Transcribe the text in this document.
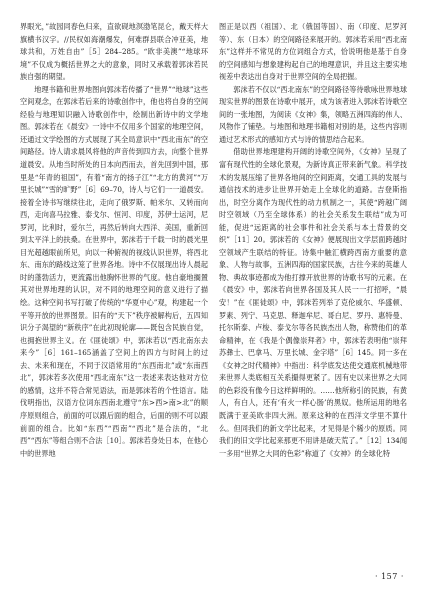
界眼光，”故园同春色归来，直欲砚地溟渤笔昆仑，戴天样大旗横书汉字。//民权如海潮爆发，何难群县联合冲亚美，地球共和，万姓自由”［5］284–285。“欧非美澳”“地球环境”不仅成为概括世界之大的意象，同时又承载着郭沫若民族自强的期望。

地理书籍和世界地图向郭沫若传播了“世界”“地球”这些空间观念，在郭沫若后来的诗歌创作中，他也将自身的空间经验与地理知识融入诗歌创作中，绘制出新诗中的文学地图。郭沫若在《晨安》一诗中不仅用多个国家的地理空间，还通过文学绘图的方式展现了其全局意识中“西北南东”的空间路径。诗人请求晨风将他的声音传到四方去，向整个世界道晨安。从地当时所处的日本向西而去，首先回到中国，那里是“年青的祖国”，有着“南方的扬子江”“北方的黄河”“万里长城”“雪的旷野”［6］69–70，诗人与它们一一道晨安。接着全诗书写继续往北，走向了俄罗斯、帕米尔、又转而向西，走向喜马拉雅、泰戈尔、恒河、印度，苏伊士运河，尼罗河，比利时，爱尔兰，再然后转向大西洋、美国，重新回到太平洋上的扶桑。在世界中，郭沫若于千载一时的晨光里目光超越眼前所见，向以一种俯视的视线认识世界，将西北东、南东的路线这笼了世界各地。诗中不仅展现出诗人晨起时的蓬勃活力，更流露出他胸怀世界的气度。他自豪地搁置其对世界地理的认识，对不同的地理空间的意义进行了描绘。这种空间书写打破了传统的“华夏中心”观，构建起一个平等开放的世界图景。旧有的“天下”秩序被解构后，五四知识分子渴望的“新秩序”在此初现轮廓——既包含民族自觉，也拥抱世界主义。在《匪徒颂》中，郭沫若以“西北南东去来今”［6］161–165涵盖了空间上的四方与时间上的过去、未来和现在，不同于汉语常用的“东西南北”或“东南西北”，郭沫若多次使用“西北南东”这一表述来表达他对方位的感情，这并不符合常见语法，而是郭沫若的个性语言。陆伐明指出，汉语方位词东西南北遵守“东>西>南>北”的顺序原则组合，前面的可以跟后面的组合，后面的则不可以跟前面的组合。比如“东西”“西南”“西北”是合法的，“北西”“西东”等组合则不合法［10］。郭沫若身处日本，在他心中的世界地

图正是以西（祖国）、北（俄国等国）、南（印度、尼罗河等）、东（日本）的空间路径来展开的。郭沫若采用“西北南东”这样并不常见的方位词组合方式，恰说明他是基于自身的空间感知与想象建构起自己的地理意识，并且这主要实地视差中表达出自身对于世界空间的全局把握。

郭沫若不仅以“西北南东”的空间路径等待歌咏世界地球现实世界的图景在诗歌中展开，成为该者进入郭沫若诗歌空间的一张地图，为阅读《女神》集，领略五洲四海的伟人、风物作了铺垫。与地图和地理书籍相对别的是，这些内容则通过艺术形式的感知方式与诗的情思结合起来。

借助世界地理建构开阔的诗歌空间外，《女神》呈现了富有现代性的全球化景观，为新诗真正带来新气象。科学技术的发展压缩了世界各地间的空间距离，交通工具的发展与通信技术的进步让世界开始走上全球化的道路。吉登斯指出，时空分离作为现代性的动力机制之一，其使“跨越广阔时空领域（乃至全球体系）的社会关系发生联结”成为可能，促进“远距离的社会事件和社会关系与本土背景的交织”［11］20。郭沫若的《女神》便展现出文学层面跨越时空领域产生联结的特征。诗集中触汇横跨西南方重要的意象、人物与故事，五洲四海的国家民族，古往今来的英雄人物、典故事迹都成为他打撑开放世界的诗歌书写的元素。在《晨安》中，郭沫若向世界各国及其人民一一打招呼，“晨安！”在《匪徒颂》中，郭沫若列举了克伦威尔、华盛顿、罗素、列宁、马克思、释迦牟尼、哥白尼、罗丹、惠特曼、托尔斯泰、卢梭、泰戈尔等各民族杰出人物，称赞他们的革命精神，在《我是个偶像崇拜者》中，郭沫若表明他“崇拜苏彝士、巴拿马、万里长城、金字塔”［6］145。同一多在《女神之时代精神》中指出：科学底发达使交通底机械地带来世界人类底相互关系撮得更紧了。因有史以来世界之大同的色彩没有像今日这样鲜明的。……他所称引的民族，有黄人，有白人，还有‘有火一样心肠’的黑奴。他所运用的地名既满于亚美欧非四大洲。原来这种的在西洋文学里不算什么。但同我们的新文学比起来，才见得是个稀少的原质。同我们的旧文学比起来那更不用讲是破天荒了。”［12］134闻一多用“世界之大同的色彩”称道了《女神》的全球化特

· 157 ·
